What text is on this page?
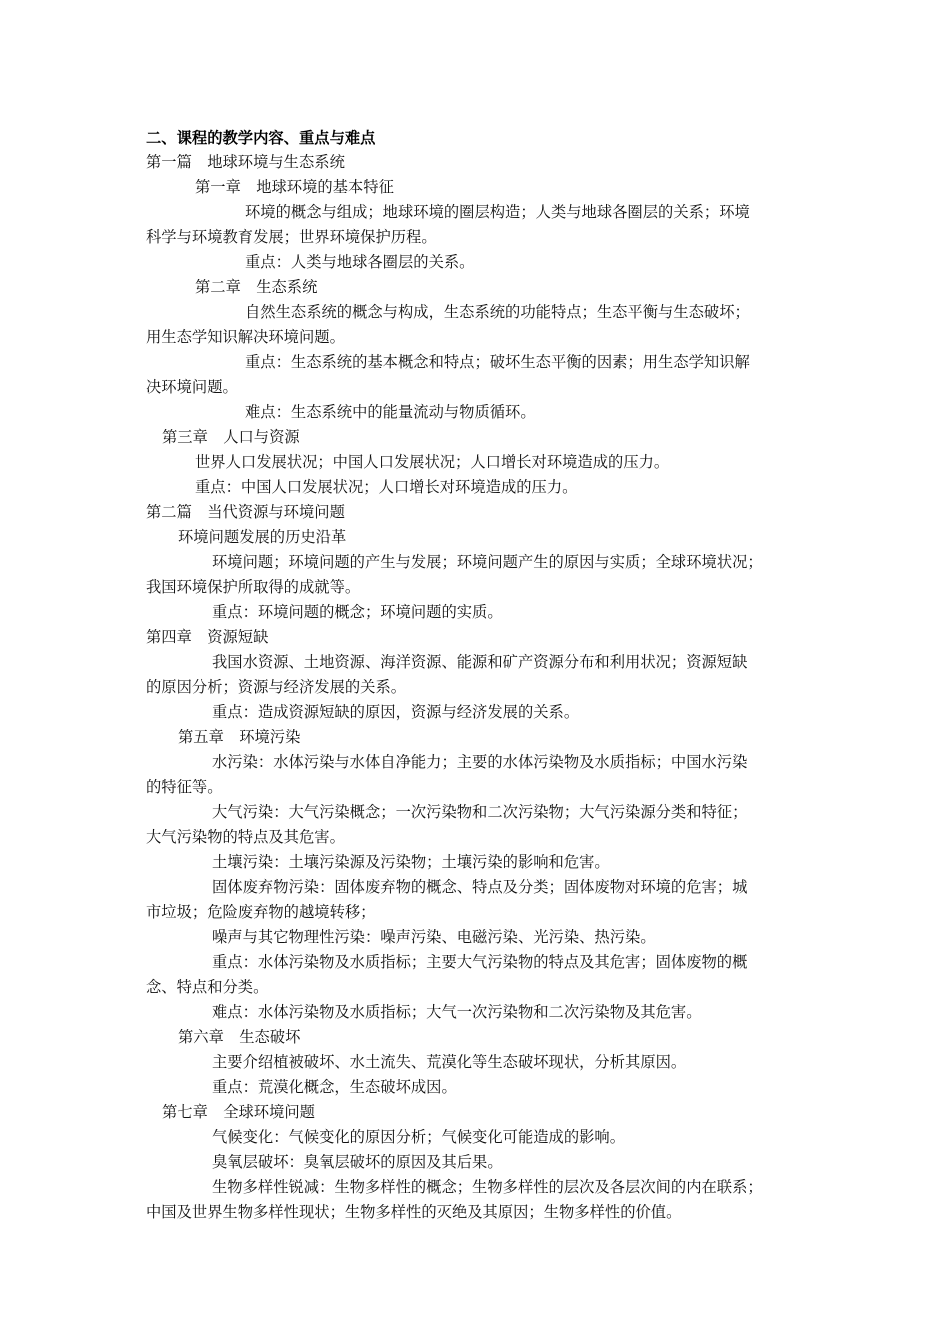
二、课程的教学内容、重点与难点
第一篇　地球环境与生态系统
第一章　地球环境的基本特征
环境的概念与组成；地球环境的圈层构造；人类与地球各圈层的关系；环境
科学与环境教育发展；世界环境保护历程。
重点：人类与地球各圈层的关系。
第二章　生态系统
自然生态系统的概念与构成，生态系统的功能特点；生态平衡与生态破坏；
用生态学知识解决环境问题。
重点：生态系统的基本概念和特点；破坏生态平衡的因素；用生态学知识解
决环境问题。
难点：生态系统中的能量流动与物质循环。
第三章　人口与资源
世界人口发展状况；中国人口发展状况；人口增长对环境造成的压力。
重点：中国人口发展状况；人口增长对环境造成的压力。
第二篇　当代资源与环境问题
环境问题发展的历史沿革
环境问题；环境问题的产生与发展；环境问题产生的原因与实质；全球环境状况；
我国环境保护所取得的成就等。
重点：环境问题的概念；环境问题的实质。
第四章　资源短缺
我国水资源、土地资源、海洋资源、能源和矿产资源分布和利用状况；资源短缺
的原因分析；资源与经济发展的关系。
重点：造成资源短缺的原因，资源与经济发展的关系。
第五章　环境污染
水污染：水体污染与水体自净能力；主要的水体污染物及水质指标；中国水污染
的特征等。
大气污染：大气污染概念；一次污染物和二次污染物；大气污染源分类和特征；
大气污染物的特点及其危害。
土壤污染：土壤污染源及污染物；土壤污染的影响和危害。
固体废弃物污染：固体废弃物的概念、特点及分类；固体废物对环境的危害；城
市垃圾；危险废弃物的越境转移；
噪声与其它物理性污染：噪声污染、电磁污染、光污染、热污染。
重点：水体污染物及水质指标；主要大气污染物的特点及其危害；固体废物的概
念、特点和分类。
难点：水体污染物及水质指标；大气一次污染物和二次污染物及其危害。
第六章　生态破坏
主要介绍植被破坏、水土流失、荒漠化等生态破坏现状，分析其原因。
重点：荒漠化概念，生态破坏成因。
第七章　全球环境问题
气候变化：气候变化的原因分析；气候变化可能造成的影响。
臭氧层破坏：臭氧层破坏的原因及其后果。
生物多样性锐减：生物多样性的概念；生物多样性的层次及各层次间的内在联系；
中国及世界生物多样性现状；生物多样性的灭绝及其原因；生物多样性的价值。
